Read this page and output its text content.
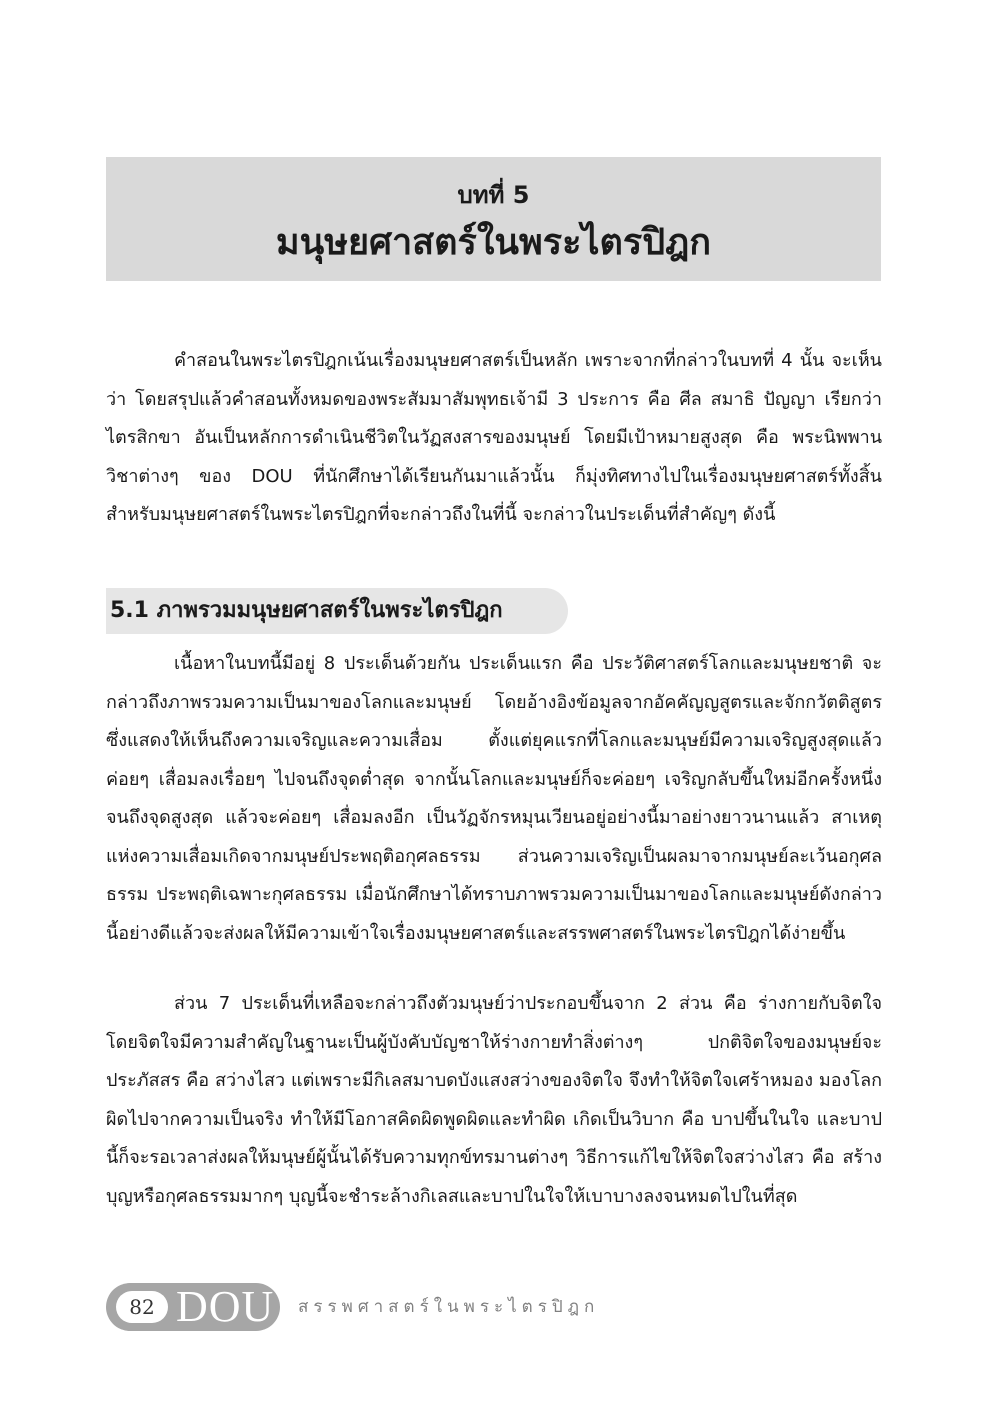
บทที่ 5
มนุษยศาสตร์ในพระไตรปิฎก

คำสอนในพระไตรปิฎกเน้นเรื่องมนุษยศาสตร์เป็นหลัก เพราะจากที่กล่าวในบทที่ 4 นั้น จะเห็นว่า โดยสรุปแล้วคำสอนทั้งหมดของพระสัมมาสัมพุทธเจ้ามี 3 ประการ คือ ศีล สมาธิ ปัญญา เรียกว่า ไตรสิกขา อันเป็นหลักการดำเนินชีวิตในวัฏสงสารของมนุษย์ โดยมีเป้าหมายสูงสุด คือ พระนิพพาน วิชาต่างๆ ของ DOU ที่นักศึกษาได้เรียนกันมาแล้วนั้น ก็มุ่งทิศทางไปในเรื่องมนุษยศาสตร์ทั้งสิ้น สำหรับมนุษยศาสตร์ในพระไตรปิฎกที่จะกล่าวถึงในที่นี้ จะกล่าวในประเด็นที่สำคัญๆ ดังนี้

5.1 ภาพรวมมนุษยศาสตร์ในพระไตรปิฎก

เนื้อหาในบทนี้มีอยู่ 8 ประเด็นด้วยกัน ประเด็นแรก คือ ประวัติศาสตร์โลกและมนุษยชาติ จะกล่าวถึงภาพรวมความเป็นมาของโลกและมนุษย์ โดยอ้างอิงข้อมูลจากอัคคัญญสูตรและจักกวัตติสูตร ซึ่งแสดงให้เห็นถึงความเจริญและความเสื่อม ตั้งแต่ยุคแรกที่โลกและมนุษย์มีความเจริญสูงสุดแล้วค่อยๆ เสื่อมลงเรื่อยๆ ไปจนถึงจุดต่ำสุด จากนั้นโลกและมนุษย์ก็จะค่อยๆ เจริญกลับขึ้นใหม่อีกครั้งหนึ่งจนถึงจุดสูงสุด แล้วจะค่อยๆ เสื่อมลงอีก เป็นวัฏจักรหมุนเวียนอยู่อย่างนี้มาอย่างยาวนานแล้ว สาเหตุแห่งความเสื่อมเกิดจากมนุษย์ประพฤติอกุศลธรรม ส่วนความเจริญเป็นผลมาจากมนุษย์ละเว้นอกุศลธรรม ประพฤติเฉพาะกุศลธรรม เมื่อนักศึกษาได้ทราบภาพรวมความเป็นมาของโลกและมนุษย์ดังกล่าวนี้อย่างดีแล้วจะส่งผลให้มีความเข้าใจเรื่องมนุษยศาสตร์และสรรพศาสตร์ในพระไตรปิฎกได้ง่ายขึ้น

ส่วน 7 ประเด็นที่เหลือจะกล่าวถึงตัวมนุษย์ว่าประกอบขึ้นจาก 2 ส่วน คือ ร่างกายกับจิตใจ โดยจิตใจมีความสำคัญในฐานะเป็นผู้บังคับบัญชาให้ร่างกายทำสิ่งต่างๆ ปกติจิตใจของมนุษย์จะประภัสสร คือ สว่างไสว แต่เพราะมีกิเลสมาบดบังแสงสว่างของจิตใจ จึงทำให้จิตใจเศร้าหมอง มองโลกผิดไปจากความเป็นจริง ทำให้มีโอกาสคิดผิดพูดผิดและทำผิด เกิดเป็นวิบาก คือ บาปขึ้นในใจ และบาปนี้ก็จะรอเวลาส่งผลให้มนุษย์ผู้นั้นได้รับความทุกข์ทรมานต่างๆ วิธีการแก้ไขให้จิตใจสว่างไสว คือ สร้างบุญหรือกุศลธรรมมากๆ บุญนี้จะชำระล้างกิเลสและบาปในใจให้เบาบางลงจนหมดไปในที่สุด

82 DOU สรรพศาสตร์ในพระไตรปิฎก
